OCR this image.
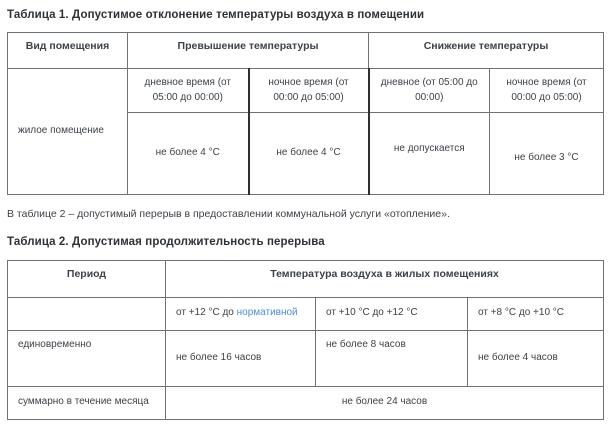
Таблица 1. Допустимое отклонение температуры воздуха в помещении
Вид помещения	Превышение температуры		Снижение температуры	
жилое помещение	дневное время (от 05:00 до 00:00)	ночное время (от 00:00 до 05:00)	дневное (от 05:00 до 00:00)	ночное время (от 00:00 до 05:00)
	не более 4 °С	не более 4 °С	не допускается	не более 3 °С

В таблице 2 – допустимый перерыв в предоставлении коммунальной услуги «отопление».

Таблица 2. Допустимая продолжительность перерыва
Период	Температура воздуха в жилых помещениях		
	от +12 °С до нормативной	от +10 °С до +12 °С	от +8 °С до +10 °С
единовременно	не более 16 часов	не более 8 часов	не более 4 часов
суммарно в течение месяца	не более 24 часов		
